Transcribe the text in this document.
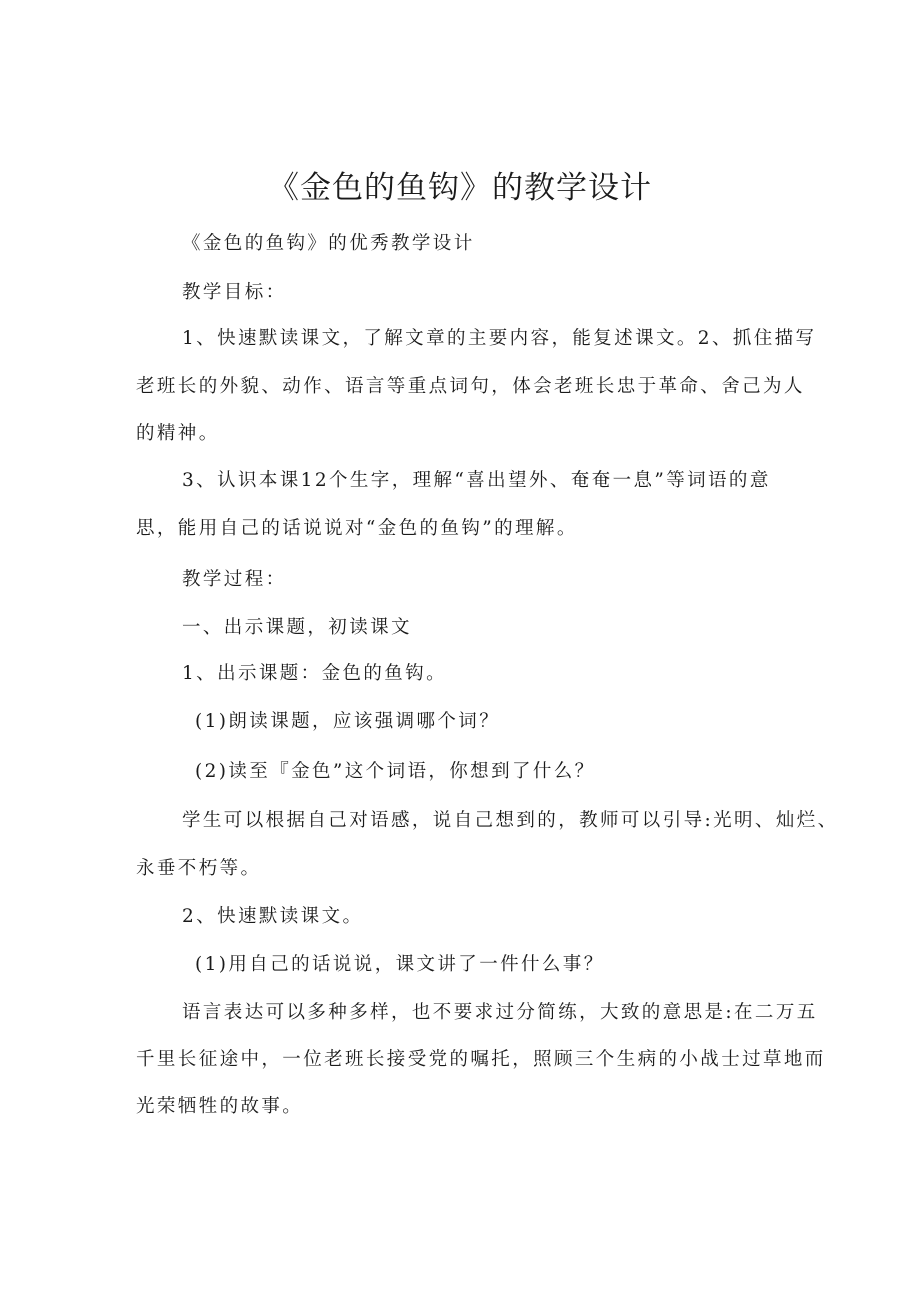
《金色的鱼钩》的教学设计
《金色的鱼钩》的优秀教学设计
教学目标：
1、快速默读课文，了解文章的主要内容，能复述课文。2、抓住描写
老班长的外貌、动作、语言等重点词句，体会老班长忠于革命、舍己为人
的精神。
3、认识本课12个生字，理解“喜出望外、奄奄一息”等词语的意
思，能用自己的话说说对“金色的鱼钩”的理解。
教学过程：
一、出示课题，初读课文
1、出示课题：金色的鱼钩。
(1)朗读课题，应该强调哪个词？
(2)读至『金色”这个词语，你想到了什么？
学生可以根据自己对语感，说自己想到的，教师可以引导:光明、灿烂、
永垂不朽等。
2、快速默读课文。
(1)用自己的话说说，课文讲了一件什么事？
语言表达可以多种多样，也不要求过分简练，大致的意思是:在二万五
千里长征途中，一位老班长接受党的嘱托，照顾三个生病的小战士过草地而
光荣牺牲的故事。
